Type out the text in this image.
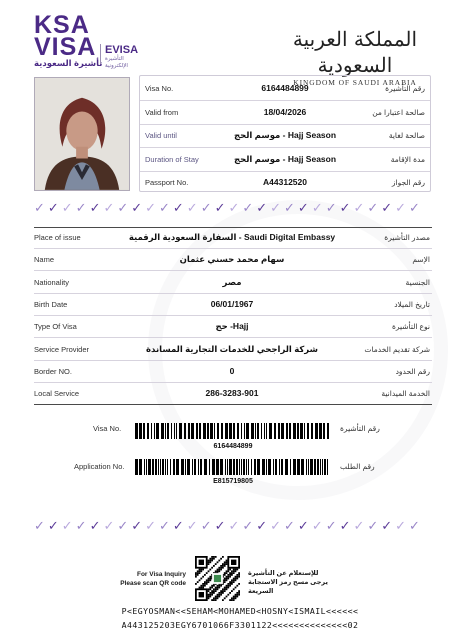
KSA
VISA
تأشيرة السعودية
EVISA
التأشيرة الإلكترونية
المملكة العربية السعودية
KINGDOM OF SAUDI ARABIA
Visa No.	6164484899	رقم التأشيرة
Valid from	18/04/2026	صالحة اعتبارا من
Valid until	موسم الحج - Hajj Season	صالحة لغاية
Duration of Stay	موسم الحج - Hajj Season	مدة الإقامة
Passport No.	A44312520	رقم الجواز
✓ ✓ ✓ ✓ ✓ ✓ ✓ ✓ ✓ ✓ ✓ ✓ ✓ ✓ ✓ ✓ ✓ ✓ ✓ ✓ ✓ ✓ ✓ ✓ ✓ ✓ ✓ ✓
Place of issue	السفارة السعودية الرقمية - Saudi Digital Embassy	مصدر التأشيرة
Name	سهام محمد حسني عثمان	الإسم
Nationality	مصر	الجنسية
Birth Date	06/01/1967	تاريخ الميلاد
Type Of Visa	حج -Hajj	نوع التأشيرة
Service Provider	شركة الراجحي للخدمات التجارية المساندة	شركة تقديم الخدمات
Border NO.	0	رقم الحدود
Local Service	286-3283-901	الخدمة الميدانية
Visa No.	رقم التأشيرة
6164484899
Application No.	رقم الطلب
E815719805
✓ ✓ ✓ ✓ ✓ ✓ ✓ ✓ ✓ ✓ ✓ ✓ ✓ ✓ ✓ ✓ ✓ ✓ ✓ ✓ ✓ ✓ ✓ ✓ ✓ ✓ ✓ ✓
For Visa Inquiry
Please scan QR code
للإستعلام عن التأشيرة
يرجى مسح رمز الاستجابة السريعة
P<EGYOSMAN<<SEHAM<MOHAMED<HOSNY<ISMAIL<<<<<<
A443125203EGY6701066F3301122<<<<<<<<<<<<<<02
